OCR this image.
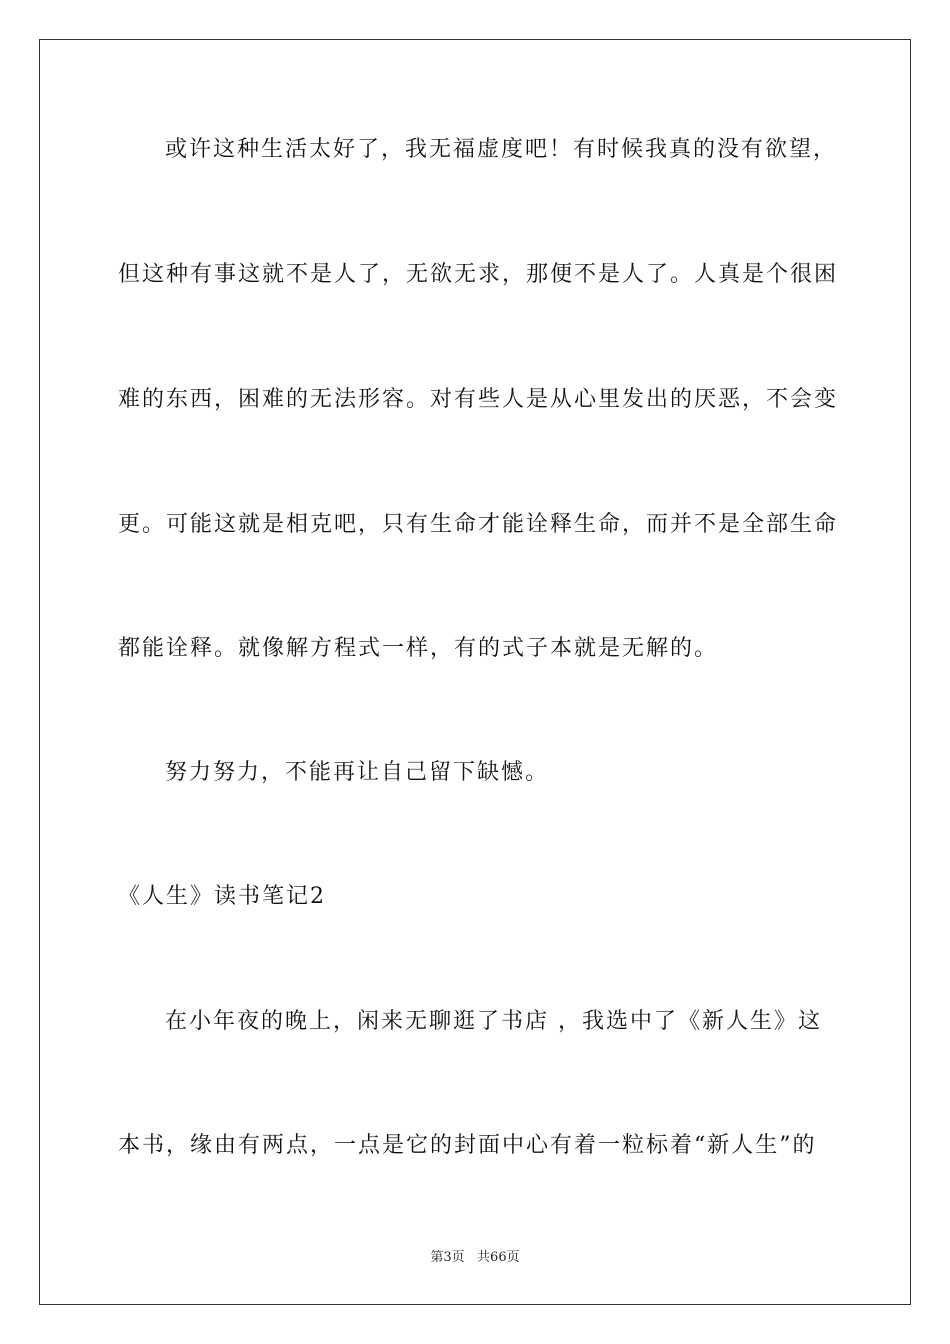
或许这种生活太好了，我无福虚度吧！有时候我真的没有欲望，
但这种有事这就不是人了，无欲无求，那便不是人了。人真是个很困
难的东西，困难的无法形容。对有些人是从心里发出的厌恶，不会变
更。可能这就是相克吧，只有生命才能诠释生命，而并不是全部生命
都能诠释。就像解方程式一样，有的式子本就是无解的。
努力努力，不能再让自己留下缺憾。
《人生》读书笔记2
在小年夜的晚上，闲来无聊逛了书店 ，我选中了《新人生》这
本书，缘由有两点，一点是它的封面中心有着一粒标着“新人生”的
第3页   共66页
